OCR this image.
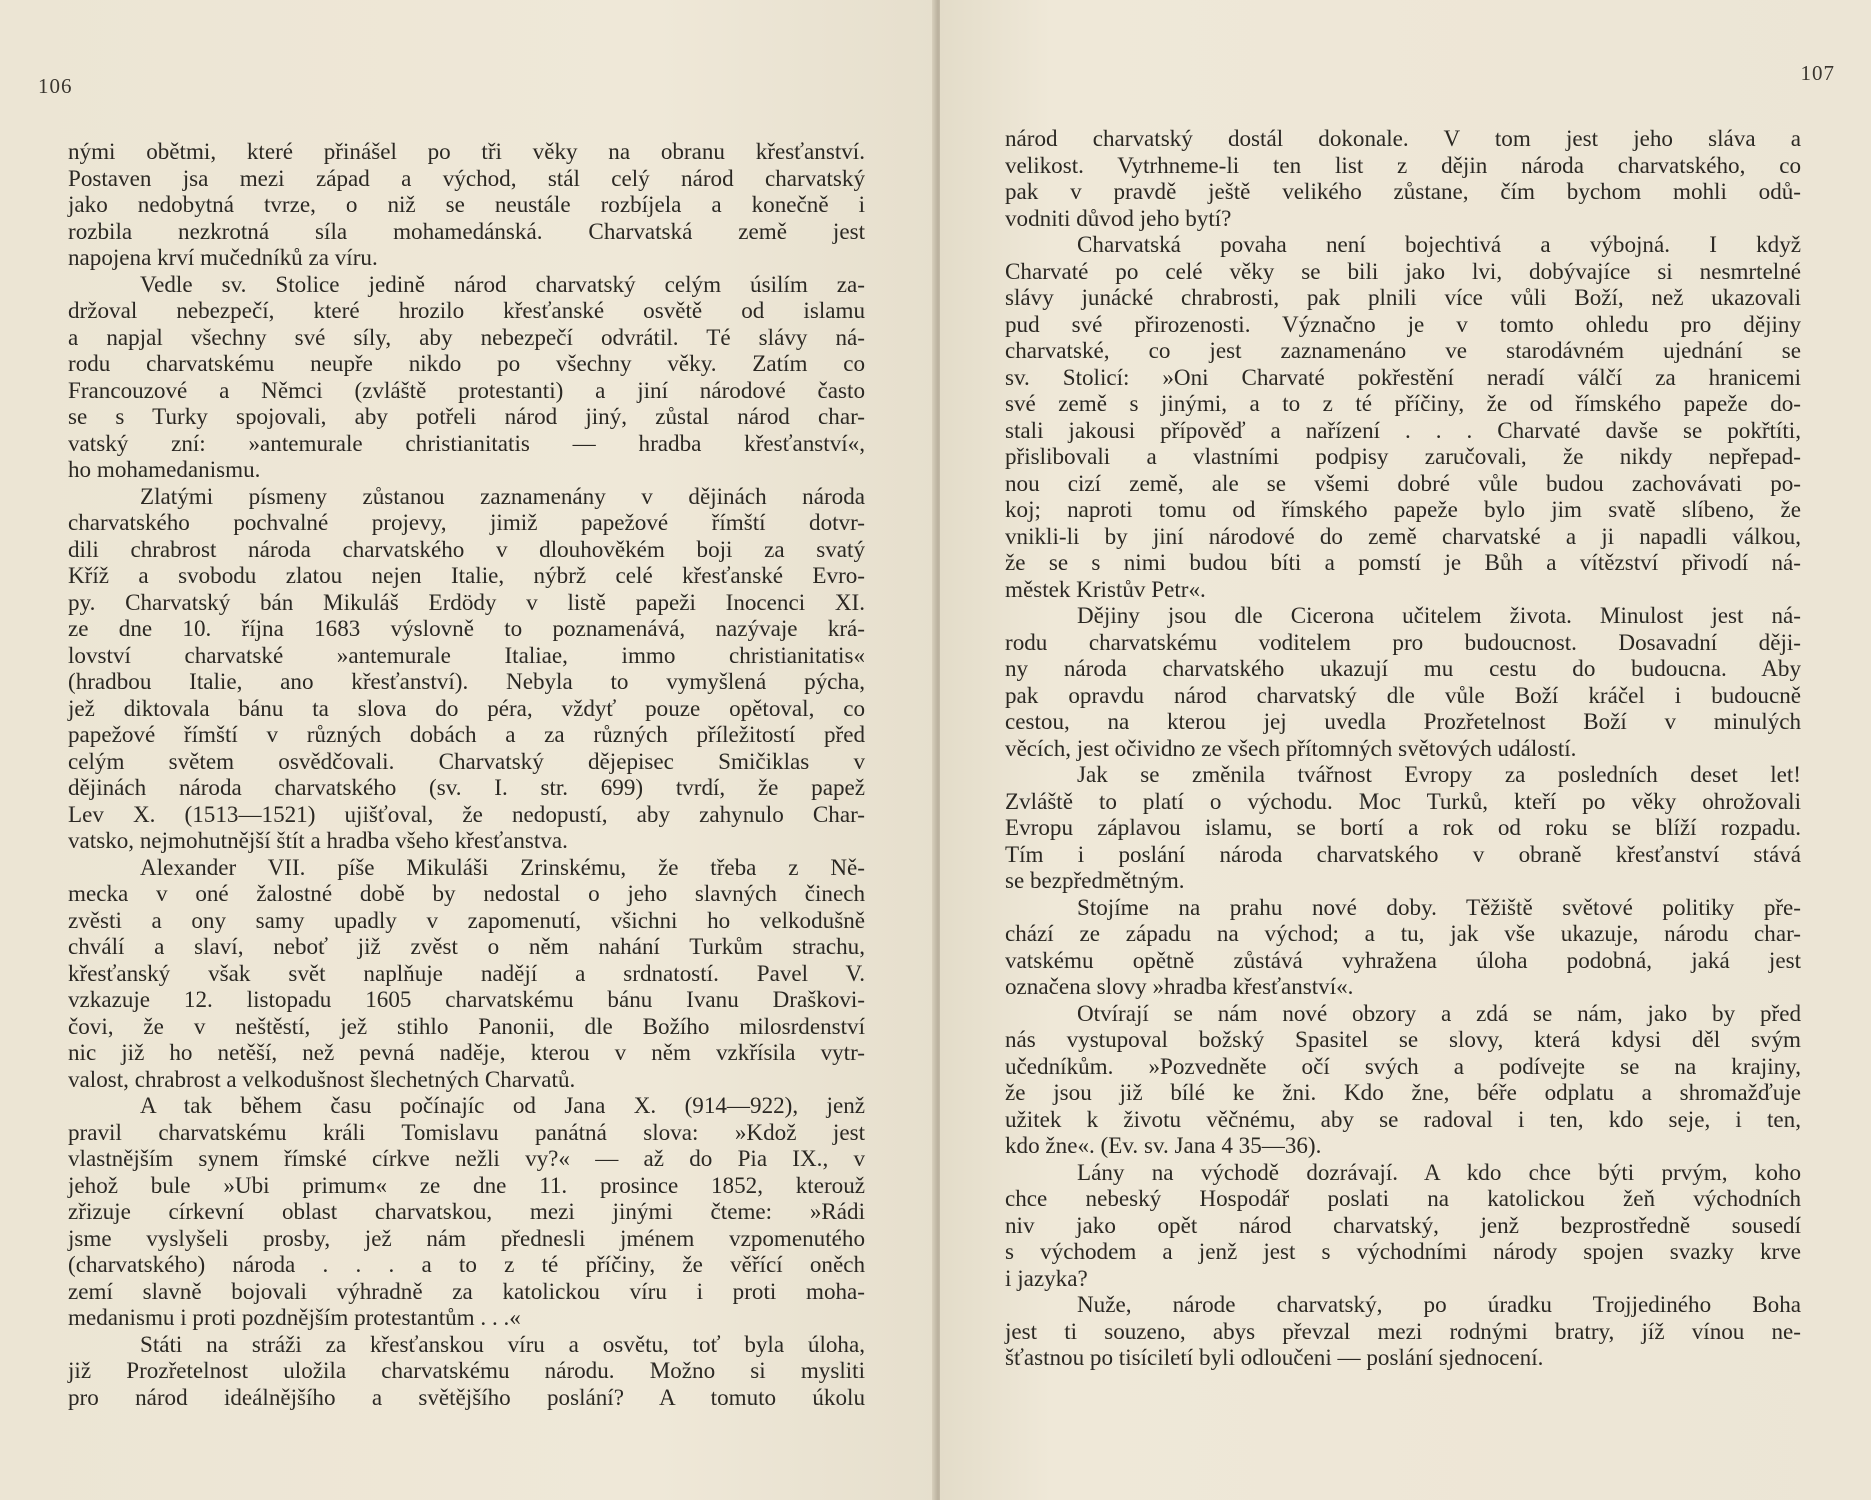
106
nými obětmi, které přinášel po tři věky na obranu křesťanství.
Postaven jsa mezi západ a východ, stál celý národ charvatský
jako nedobytná tvrze, o niž se neustále rozbíjela a konečně i
rozbila nezkrotná síla mohamedánská. Charvatská země jest
napojena krví mučedníků za víru.
Vedle sv. Stolice jedině národ charvatský celým úsilím za-
držoval nebezpečí, které hrozilo křesťanské osvětě od islamu
a napjal všechny své síly, aby nebezpečí odvrátil. Té slávy ná-
rodu charvatskému neupře nikdo po všechny věky. Zatím co
Francouzové a Němci (zvláště protestanti) a jiní národové často
se s Turky spojovali, aby potřeli národ jiný, zůstal národ char-
vatský zní: »antemurale christianitatis — hradba křesťanství«,
ho mohamedanismu.
Zlatými písmeny zůstanou zaznamenány v dějinách národa
charvatského pochvalné projevy, jimiž papežové římští dotvr-
dili chrabrost národa charvatského v dlouhověkém boji za svatý
Kříž a svobodu zlatou nejen Italie, nýbrž celé křesťanské Evro-
py. Charvatský bán Mikuláš Erdödy v listě papeži Inocenci XI.
ze dne 10. října 1683 výslovně to poznamenává, nazývaje krá-
lovství charvatské »antemurale Italiae, immo christianitatis«
(hradbou Italie, ano křesťanství). Nebyla to vymyšlená pýcha,
jež diktovala bánu ta slova do péra, vždyť pouze opětoval, co
papežové římští v různých dobách a za různých příležitostí před
celým světem osvědčovali. Charvatský dějepisec Smičiklas v
dějinách národa charvatského (sv. I. str. 699) tvrdí, že papež
Lev X. (1513—1521) ujišťoval, že nedopustí, aby zahynulo Char-
vatsko, nejmohutnější štít a hradba všeho křesťanstva.
Alexander VII. píše Mikuláši Zrinskému, že třeba z Ně-
mecka v oné žalostné době by nedostal o jeho slavných činech
zvěsti a ony samy upadly v zapomenutí, všichni ho velkodušně
chválí a slaví, neboť již zvěst o něm nahání Turkům strachu,
křesťanský však svět naplňuje nadějí a srdnatostí. Pavel V.
vzkazuje 12. listopadu 1605 charvatskému bánu Ivanu Draškovi-
čovi, že v neštěstí, jež stihlo Panonii, dle Božího milosrdenství
nic již ho netěší, než pevná naděje, kterou v něm vzkřísila vytr-
valost, chrabrost a velkodušnost šlechetných Charvatů.
A tak během času počínajíc od Jana X. (914—922), jenž
pravil charvatskému králi Tomislavu panátná slova: »Kdož jest
vlastnějším synem římské církve nežli vy?« — až do Pia IX., v
jehož bule »Ubi primum« ze dne 11. prosince 1852, kterouž
zřizuje církevní oblast charvatskou, mezi jinými čteme: »Rádi
jsme vyslyšeli prosby, jež nám přednesli jménem vzpomenutého
(charvatského) národa . . . a to z té příčiny, že věřící oněch
zemí slavně bojovali výhradně za katolickou víru i proti moha-
medanismu i proti pozdnějším protestantům . . .«
Státi na stráži za křesťanskou víru a osvětu, toť byla úloha,
již Prozřetelnost uložila charvatskému národu. Možno si mysliti
pro národ ideálnějšího a světějšího poslání? A tomuto úkolu
107
národ charvatský dostál dokonale. V tom jest jeho sláva a
velikost. Vytrhneme-li ten list z dějin národa charvatského, co
pak v pravdě ještě velikého zůstane, čím bychom mohli odů-
vodniti důvod jeho bytí?
Charvatská povaha není bojechtivá a výbojná. I když
Charvaté po celé věky se bili jako lvi, dobývajíce si nesmrtelné
slávy junácké chrabrosti, pak plnili více vůli Boží, než ukazovali
pud své přirozenosti. Význačno je v tomto ohledu pro dějiny
charvatské, co jest zaznamenáno ve starodávném ujednání se
sv. Stolicí: »Oni Charvaté pokřestění neradí válčí za hranicemi
své země s jinými, a to z té příčiny, že od římského papeže do-
stali jakousi přípověď a nařízení . . . Charvaté davše se pokřtíti,
přislibovali a vlastními podpisy zaručovali, že nikdy nepřepad-
nou cizí země, ale se všemi dobré vůle budou zachovávati po-
koj; naproti tomu od římského papeže bylo jim svatě slíbeno, že
vnikli-li by jiní národové do země charvatské a ji napadli válkou,
že se s nimi budou bíti a pomstí je Bůh a vítězství přivodí ná-
městek Kristův Petr«.
Dějiny jsou dle Cicerona učitelem života. Minulost jest ná-
rodu charvatskému voditelem pro budoucnost. Dosavadní ději-
ny národa charvatského ukazují mu cestu do budoucna. Aby
pak opravdu národ charvatský dle vůle Boží kráčel i budoucně
cestou, na kterou jej uvedla Prozřetelnost Boží v minulých
věcích, jest očividno ze všech přítomných světových událostí.
Jak se změnila tvářnost Evropy za posledních deset let!
Zvláště to platí o východu. Moc Turků, kteří po věky ohrožovali
Evropu záplavou islamu, se bortí a rok od roku se blíží rozpadu.
Tím i poslání národa charvatského v obraně křesťanství stává
se bezpředmětným.
Stojíme na prahu nové doby. Těžiště světové politiky pře-
chází ze západu na východ; a tu, jak vše ukazuje, národu char-
vatskému opětně zůstává vyhražena úloha podobná, jaká jest
označena slovy »hradba křesťanství«.
Otvírají se nám nové obzory a zdá se nám, jako by před
nás vystupoval božský Spasitel se slovy, která kdysi děl svým
učedníkům. »Pozvedněte očí svých a podívejte se na krajiny,
že jsou již bílé ke žni. Kdo žne, béře odplatu a shromažďuje
užitek k životu věčnému, aby se radoval i ten, kdo seje, i ten,
kdo žne«. (Ev. sv. Jana 4 35—36).
Lány na východě dozrávají. A kdo chce býti prvým, koho
chce nebeský Hospodář poslati na katolickou žeň východních
niv jako opět národ charvatský, jenž bezprostředně sousedí
s východem a jenž jest s východními národy spojen svazky krve
i jazyka?
Nuže, národe charvatský, po úradku Trojjediného Boha
jest ti souzeno, abys převzal mezi rodnými bratry, jíž vínou ne-
šťastnou po tisíciletí byli odloučeni — poslání sjednocení.
